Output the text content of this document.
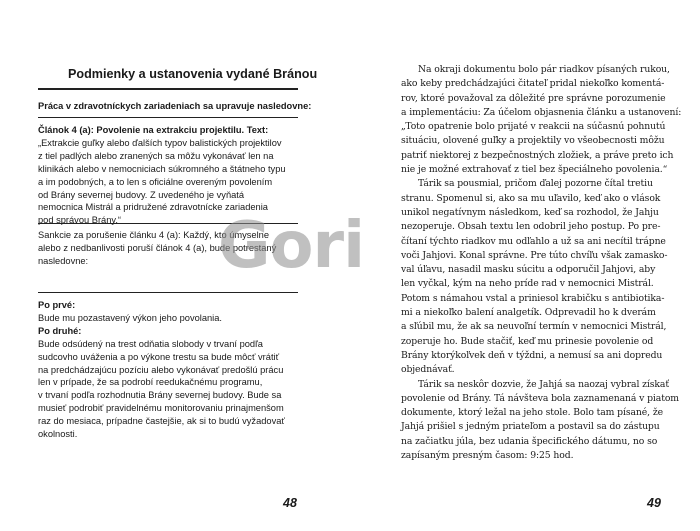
Podmienky a ustanovenia vydané Bránou
Práca v zdravotníckych zariadeniach sa upravuje nasledovne:
Článok 4 (a): Povolenie na extrakciu projektilu. Text:
„Extrakcie guľky alebo ďalších typov balistických projektilov
z tiel padlých alebo zranených sa môžu vykonávať len na
klinikách alebo v nemocniciach súkromného a štátneho typu
a im podobných, a to len s oficiálne overeným povolením
od Brány severnej budovy. Z uvedeného je vyňatá
nemocnica Mistrál a pridružené zdravotnícke zariadenia
pod správou Brány.“
Sankcie za porušenie článku 4 (a): Každý, kto úmyselne
alebo z nedbanlivosti poruší článok 4 (a), bude potrestaný
nasledovne:
Po prvé:
Bude mu pozastavený výkon jeho povolania.
Po druhé:
Bude odsúdený na trest odňatia slobody v trvaní podľa
sudcovho uváženia a po výkone trestu sa bude môcť vrátiť
na predchádzajúcu pozíciu alebo vykonávať predošlú prácu
len v prípade, že sa podrobí reedukačnému programu,
v trvaní podľa rozhodnutia Brány severnej budovy. Bude sa
musieť podrobiť pravidelnému monitorovaniu prinajmenšom
raz do mesiaca, prípadne častejšie, ak si to budú vyžadovať
okolnosti.
48
Na okraji dokumentu bolo pár riadkov písaných rukou,
ako keby predchádzajúci čitateľ pridal niekoľko komentá-
rov, ktoré považoval za dôležité pre správne porozumenie
a implementáciu: Za účelom objasnenia článku a ustanovení:
„Toto opatrenie bolo prijaté v reakcii na súčasnú pohnutú
situáciu, olovené guľky a projektily vo všeobecnosti môžu
patriť niektorej z bezpečnostných zložiek, a práve preto ich
nie je možné extrahovať z tiel bez špeciálneho povolenia.“
Tárik sa pousmial, pričom ďalej pozorne čítal tretiu
stranu. Spomenul si, ako sa mu uľavilo, keď ako o vlások
unikol negatívnym následkom, keď sa rozhodol, že Jahju
nezoperuje. Obsah textu len odobril jeho postup. Po pre-
čítaní týchto riadkov mu odľahlo a už sa ani necítil trápne
voči Jahjovi. Konal správne. Pre túto chvíľu však zamasko-
val úľavu, nasadil masku súcitu a odporučil Jahjovi, aby
len vyčkal, kým na neho príde rad v nemocnici Mistrál.
Potom s námahou vstal a priniesol krabičku s antibiotika-
mi a niekoľko balení analgetík. Odprevadil ho k dverám
a sľúbil mu, že ak sa neuvoľní termín v nemocnici Mistrál,
zoperuje ho. Bude stačiť, keď mu prinesie povolenie od
Brány ktorýkoľvek deň v týždni, a nemusí sa ani dopredu
objednávať.
Tárik sa neskôr dozvie, že Jahjá sa naozaj vybral získať
povolenie od Brány. Tá návšteva bola zaznamenaná v piatom
dokumente, ktorý ležal na jeho stole. Bolo tam písané, že
Jahjá prišiel s jedným priateľom a postavil sa do zástupu
na začiatku júla, bez udania špecifického dátumu, no so
zapísaným presným časom: 9:25 hod.
49
Gori
